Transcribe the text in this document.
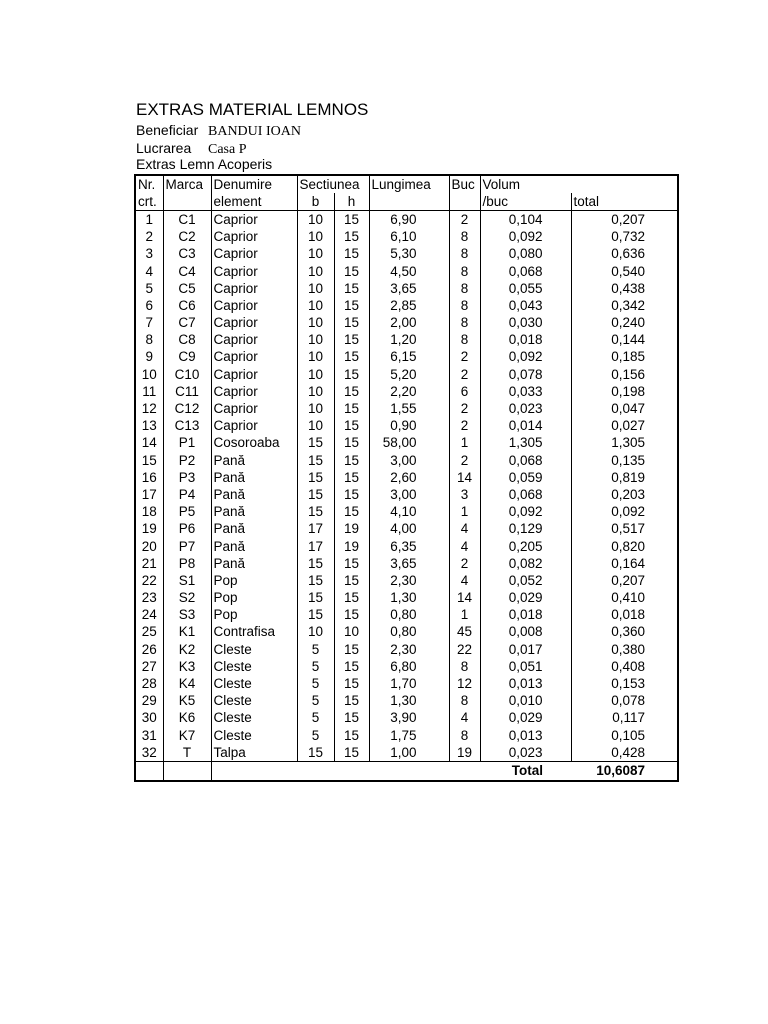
EXTRAS MATERIAL LEMNOS
Beneficiar BANDUI IOAN
Lucrarea Casa P
Extras Lemn Acoperis
Nr.	Marca	Denumire	Sectiunea		Lungimea	Buc	Volum	
crt.		element	b	h			/buc	total
1	C1	Caprior	10	15	6,90	2	0,104	0,207
2	C2	Caprior	10	15	6,10	8	0,092	0,732
3	C3	Caprior	10	15	5,30	8	0,080	0,636
4	C4	Caprior	10	15	4,50	8	0,068	0,540
5	C5	Caprior	10	15	3,65	8	0,055	0,438
6	C6	Caprior	10	15	2,85	8	0,043	0,342
7	C7	Caprior	10	15	2,00	8	0,030	0,240
8	C8	Caprior	10	15	1,20	8	0,018	0,144
9	C9	Caprior	10	15	6,15	2	0,092	0,185
10	C10	Caprior	10	15	5,20	2	0,078	0,156
11	C11	Caprior	10	15	2,20	6	0,033	0,198
12	C12	Caprior	10	15	1,55	2	0,023	0,047
13	C13	Caprior	10	15	0,90	2	0,014	0,027
14	P1	Cosoroaba	15	15	58,00	1	1,305	1,305
15	P2	Pană	15	15	3,00	2	0,068	0,135
16	P3	Pană	15	15	2,60	14	0,059	0,819
17	P4	Pană	15	15	3,00	3	0,068	0,203
18	P5	Pană	15	15	4,10	1	0,092	0,092
19	P6	Pană	17	19	4,00	4	0,129	0,517
20	P7	Pană	17	19	6,35	4	0,205	0,820
21	P8	Pană	15	15	3,65	2	0,082	0,164
22	S1	Pop	15	15	2,30	4	0,052	0,207
23	S2	Pop	15	15	1,30	14	0,029	0,410
24	S3	Pop	15	15	0,80	1	0,018	0,018
25	K1	Contrafisa	10	10	0,80	45	0,008	0,360
26	K2	Cleste	5	15	2,30	22	0,017	0,380
27	K3	Cleste	5	15	6,80	8	0,051	0,408
28	K4	Cleste	5	15	1,70	12	0,013	0,153
29	K5	Cleste	5	15	1,30	8	0,010	0,078
30	K6	Cleste	5	15	3,90	4	0,029	0,117
31	K7	Cleste	5	15	1,75	8	0,013	0,105
32	T	Talpa	15	15	1,00	19	0,023	0,428
							Total	10,6087
